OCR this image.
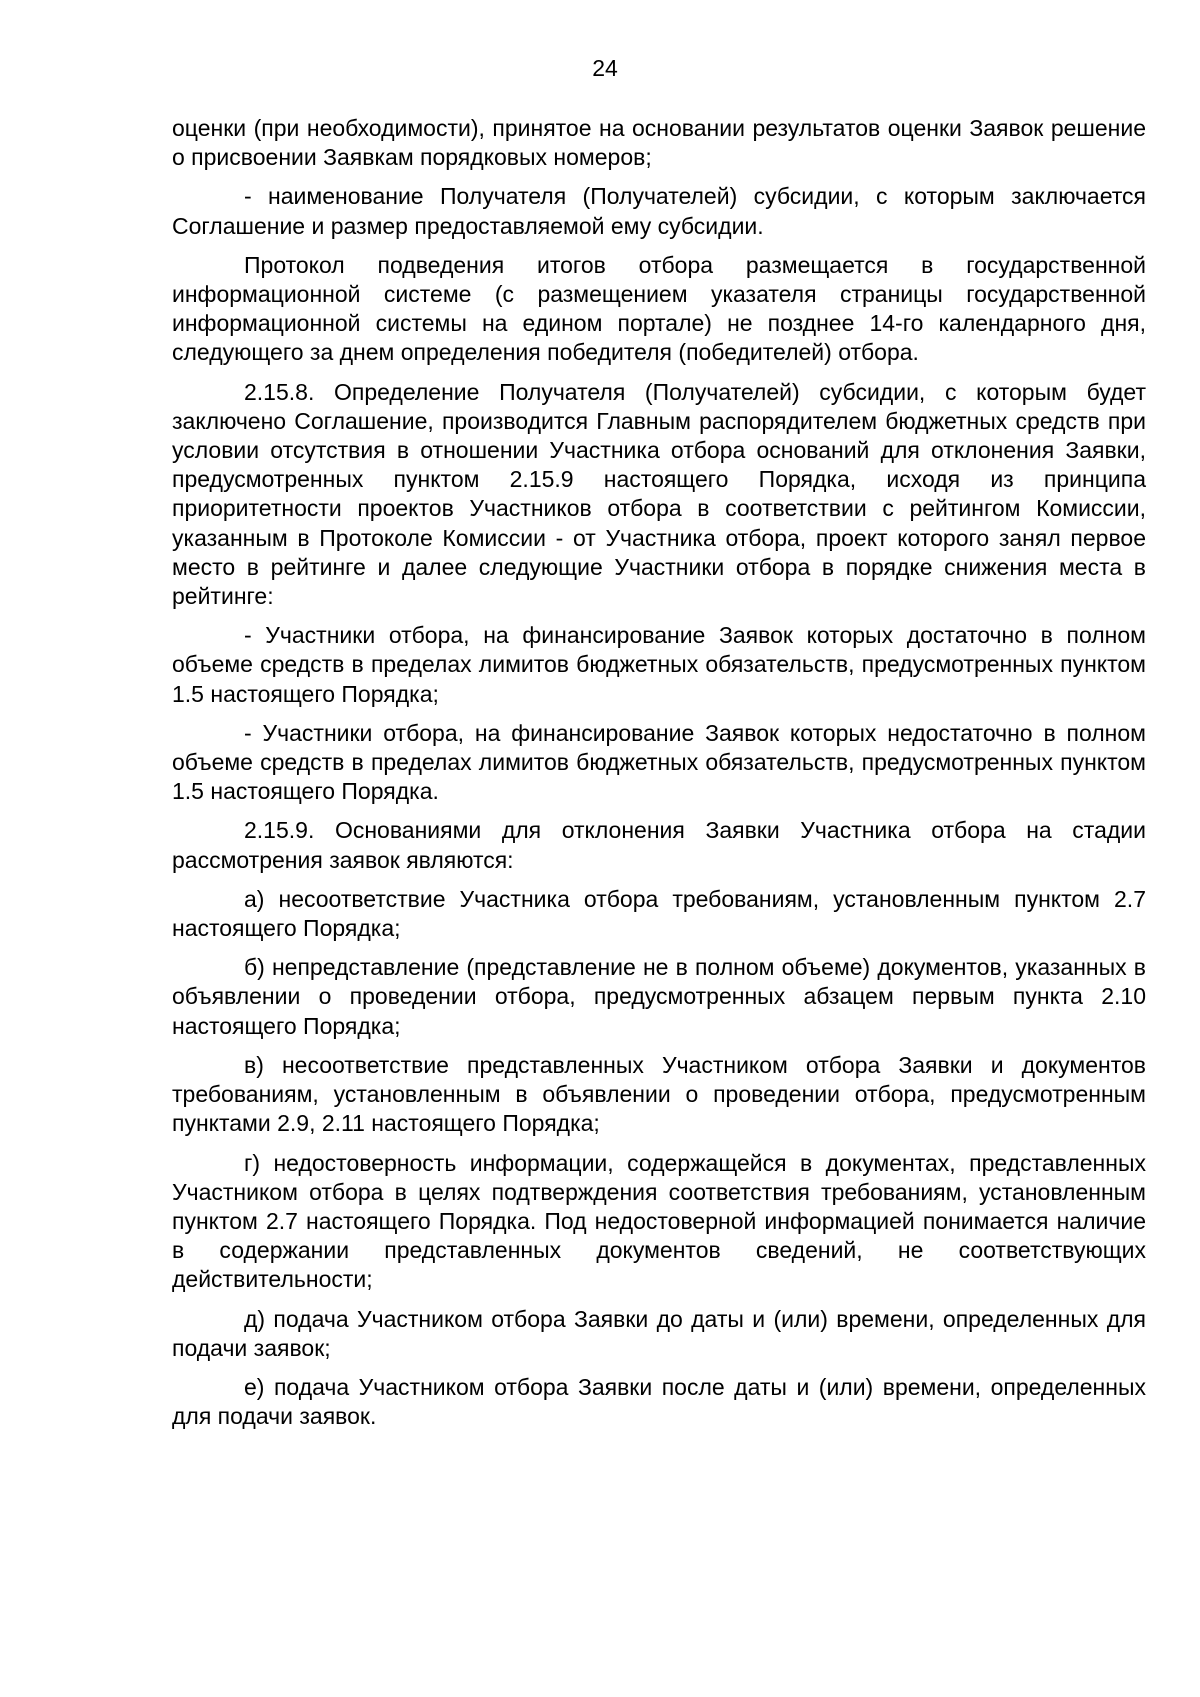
24

оценки (при необходимости), принятое на основании результатов оценки Заявок решение о присвоении Заявкам порядковых номеров;

- наименование Получателя (Получателей) субсидии, с которым заключается Соглашение и размер предоставляемой ему субсидии.

Протокол подведения итогов отбора размещается в государственной информационной системе (с размещением указателя страницы государственной информационной системы на едином портале) не позднее 14-го календарного дня, следующего за днем определения победителя (победителей) отбора.

2.15.8. Определение Получателя (Получателей) субсидии, с которым будет заключено Соглашение, производится Главным распорядителем бюджетных средств при условии отсутствия в отношении Участника отбора оснований для отклонения Заявки, предусмотренных пунктом 2.15.9 настоящего Порядка, исходя из принципа приоритетности проектов Участников отбора в соответствии с рейтингом Комиссии, указанным в Протоколе Комиссии - от Участника отбора, проект которого занял первое место в рейтинге и далее следующие Участники отбора в порядке снижения места в рейтинге:

- Участники отбора, на финансирование Заявок которых достаточно в полном объеме средств в пределах лимитов бюджетных обязательств, предусмотренных пунктом 1.5 настоящего Порядка;

- Участники отбора, на финансирование Заявок которых недостаточно в полном объеме средств в пределах лимитов бюджетных обязательств, предусмотренных пунктом 1.5 настоящего Порядка.

2.15.9. Основаниями для отклонения Заявки Участника отбора на стадии рассмотрения заявок являются:

а) несоответствие Участника отбора требованиям, установленным пунктом 2.7 настоящего Порядка;

б) непредставление (представление не в полном объеме) документов, указанных в объявлении о проведении отбора, предусмотренных абзацем первым пункта 2.10 настоящего Порядка;

в) несоответствие представленных Участником отбора Заявки и документов требованиям, установленным в объявлении о проведении отбора, предусмотренным пунктами 2.9, 2.11 настоящего Порядка;

г) недостоверность информации, содержащейся в документах, представленных Участником отбора в целях подтверждения соответствия требованиям, установленным пунктом 2.7 настоящего Порядка. Под недостоверной информацией понимается наличие в содержании представленных документов сведений, не соответствующих действительности;

д) подача Участником отбора Заявки до даты и (или) времени, определенных для подачи заявок;

е) подача Участником отбора Заявки после даты и (или) времени, определенных для подачи заявок.
